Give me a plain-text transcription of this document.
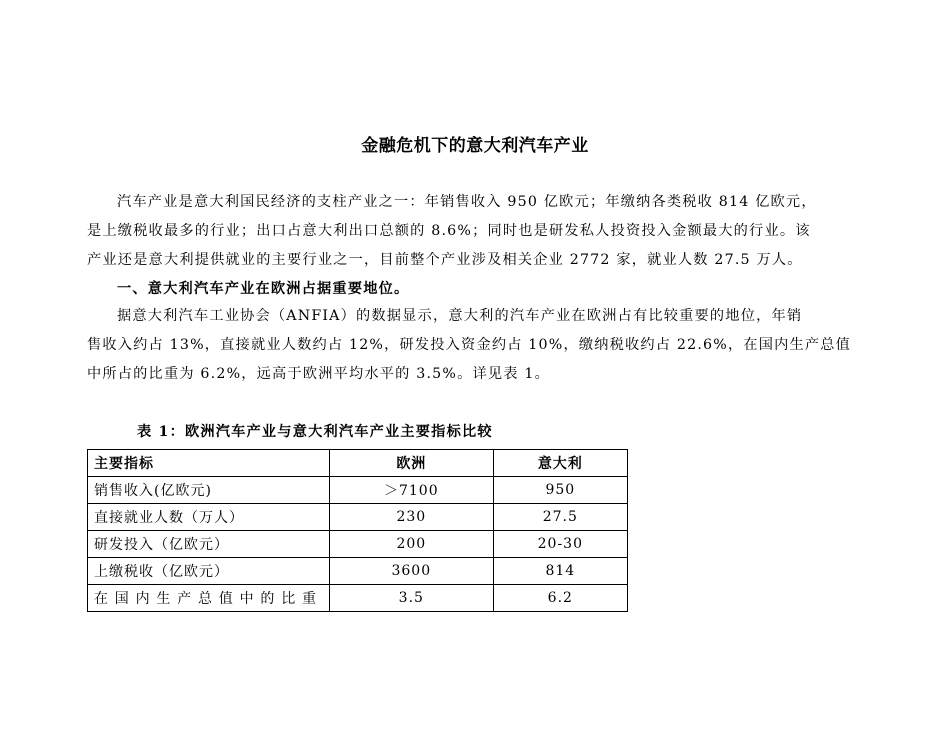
金融危机下的意大利汽车产业
汽车产业是意大利国民经济的支柱产业之一：年销售收入 950 亿欧元；年缴纳各类税收 814 亿欧元，
是上缴税收最多的行业；出口占意大利出口总额的 8.6%；同时也是研发私人投资投入金额最大的行业。该
产业还是意大利提供就业的主要行业之一，目前整个产业涉及相关企业 2772 家，就业人数 27.5 万人。
一、意大利汽车产业在欧洲占据重要地位。
据意大利汽车工业协会（ANFIA）的数据显示，意大利的汽车产业在欧洲占有比较重要的地位，年销
售收入约占 13%，直接就业人数约占 12%，研发投入资金约占 10%，缴纳税收约占 22.6%，在国内生产总值
中所占的比重为 6.2%，远高于欧洲平均水平的 3.5%。详见表 1。
表 1：欧洲汽车产业与意大利汽车产业主要指标比较
主要指标	欧洲	意大利
销售收入(亿欧元)	＞7100	950
直接就业人数（万人）	230	27.5
研发投入（亿欧元）	200	20-30
上缴税收（亿欧元）	3600	814
在国内生产总值中的比重	3.5	6.2
